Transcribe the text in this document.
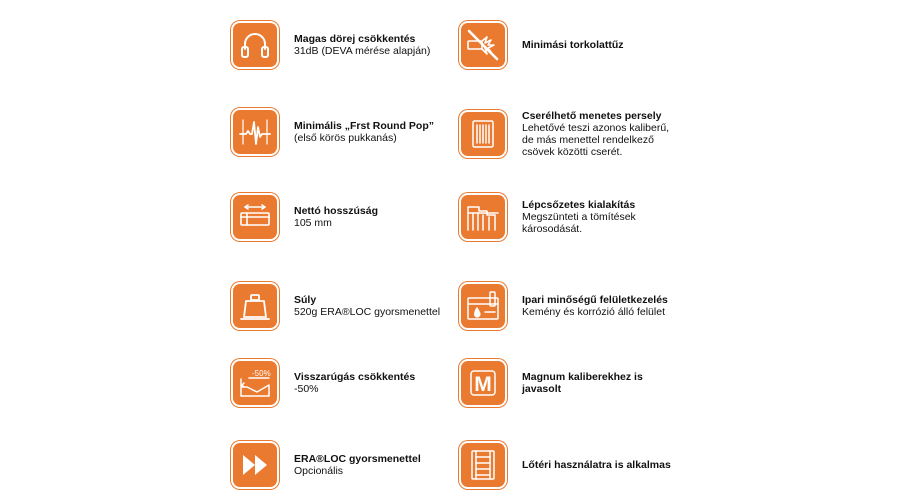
Magas dörej csökkentés
31dB (DEVA mérése alapján)
Minimális „Frst Round Pop”
(első körös pukkanás)
Nettó hosszúság
105 mm
Súly
520g ERA®LOC gyorsmenettel
-50% Visszarúgás csökkentés
-50%
ERA®LOC gyorsmenettel
Opcionális
Minimási torkolattűz
Cserélhető menetes persely
Lehetővé teszi azonos kaliberű,
de más menettel rendelkező
csövek közötti cserét.
Lépcsőzetes kialakítás
Megszünteti a tömítések
károsodását.
Ipari minőségű felületkezelés
Kemény és korrózió álló felület
M	Magnum kaliberekhez is
javasolt
Lőtéri használatra is alkalmas
